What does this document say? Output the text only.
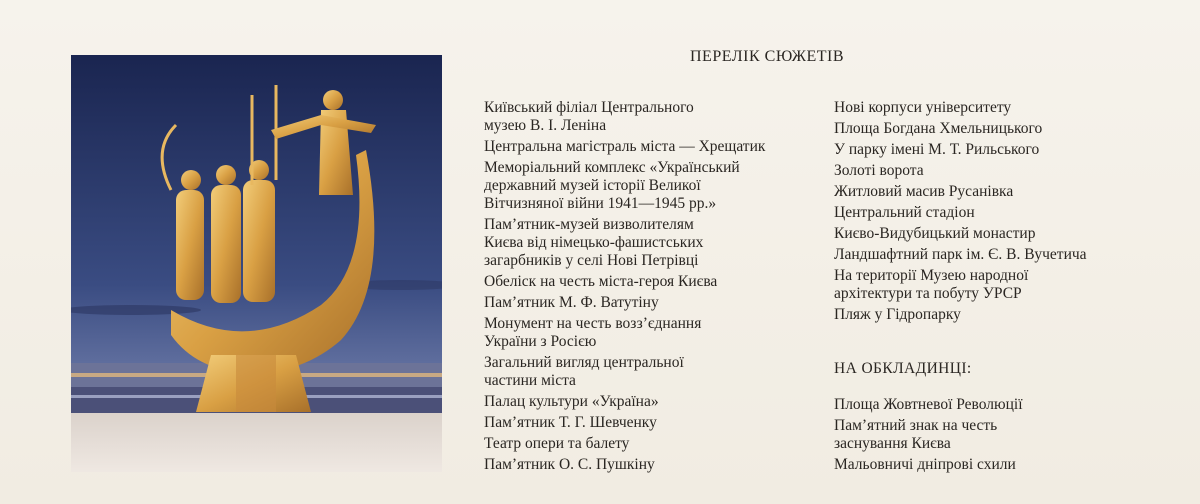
ПЕРЕЛІК СЮЖЕТІВ

Київський філіал Центрального
музею В. І. Леніна

Центральна магістраль міста — Хрещатик

Меморіальний комплекс «Український
державний музей історії Великої
Вітчизняної війни 1941—1945 рр.»

Пам’ятник-музей визволителям
Києва від німецько-фашистських
загарбників у селі Нові Петрівці

Обеліск на честь міста-героя Києва

Пам’ятник М. Ф. Ватутіну

Монумент на честь возз’єднання
України з Росією

Загальний вигляд центральної
частини міста

Палац культури «Україна»

Пам’ятник Т. Г. Шевченку

Театр опери та балету

Пам’ятник О. С. Пушкіну

Нові корпуси університету

Площа Богдана Хмельницького

У парку імені М. Т. Рильського

Золоті ворота

Житловий масив Русанівка

Центральний стадіон

Києво-Видубицький монастир

Ландшафтний парк ім. Є. В. Вучетича

На території Музею народної
архітектури та побуту УРСР

Пляж у Гідропарку

НА ОБКЛАДИНЦІ:

Площа Жовтневої Революції

Пам’ятний знак на честь
заснування Києва

Мальовничі дніпрові схили
